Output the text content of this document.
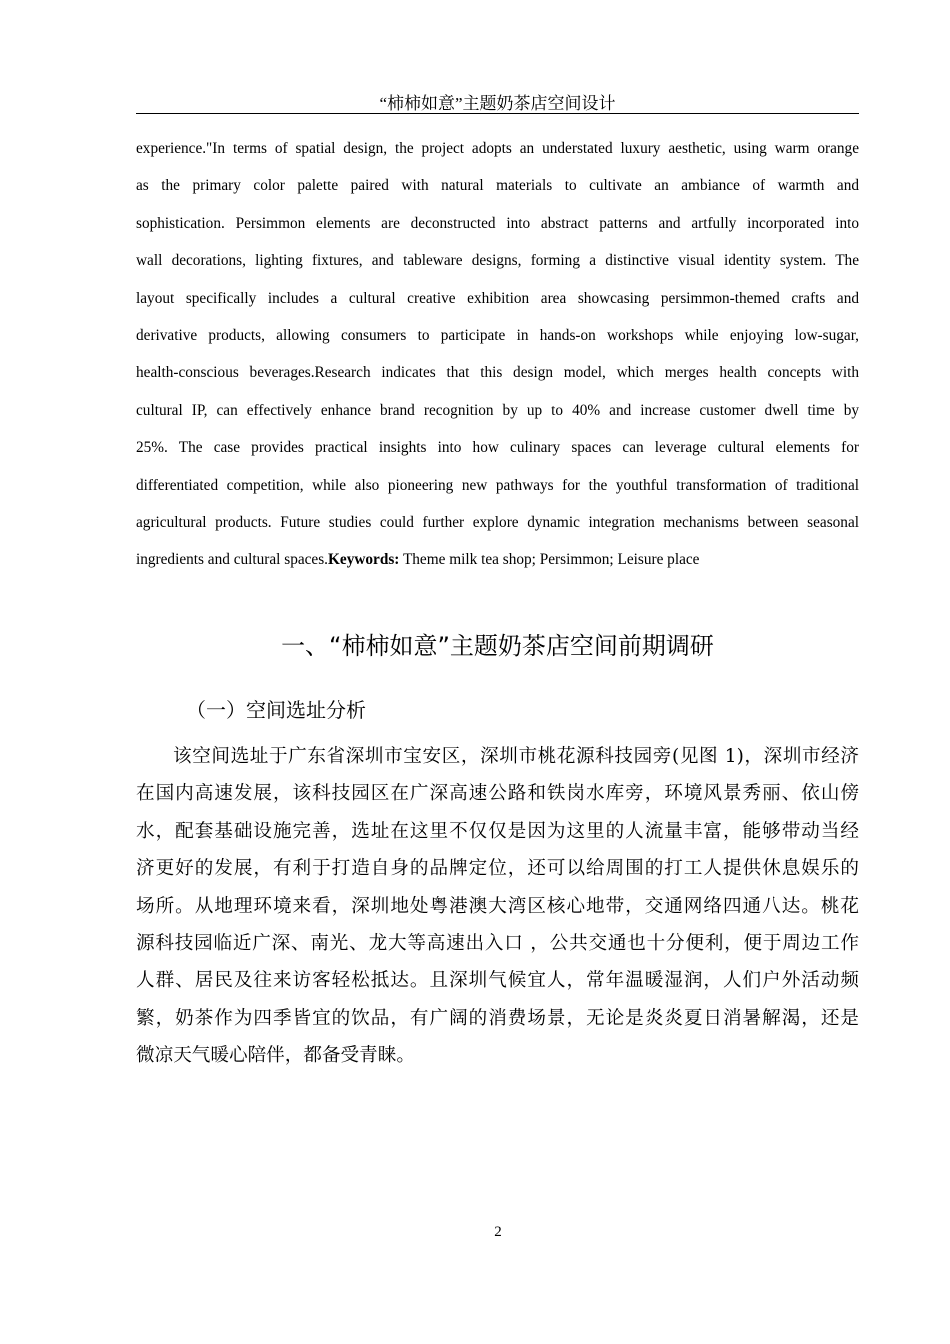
“柿柿如意”主题奶茶店空间设计
experience."In terms of spatial design, the project adopts an understated luxury aesthetic, using warm orange
as the primary color palette paired with natural materials to cultivate an ambiance of warmth and
sophistication. Persimmon elements are deconstructed into abstract patterns and artfully incorporated into
wall decorations, lighting fixtures, and tableware designs, forming a distinctive visual identity system. The
layout specifically includes a cultural creative exhibition area showcasing persimmon-themed crafts and
derivative products, allowing consumers to participate in hands-on workshops while enjoying low-sugar,
health-conscious beverages.Research indicates that this design model, which merges health concepts with
cultural IP, can effectively enhance brand recognition by up to 40% and increase customer dwell time by
25%. The case provides practical insights into how culinary spaces can leverage cultural elements for
differentiated competition, while also pioneering new pathways for the youthful transformation of traditional
agricultural products. Future studies could further explore dynamic integration mechanisms between seasonal
ingredients and cultural spaces.Keywords: Theme milk tea shop; Persimmon; Leisure place
一、“柿柿如意”主题奶茶店空间前期调研
（一）空间选址分析
该空间选址于广东省深圳市宝安区，深圳市桃花源科技园旁(见图 1)，深圳市经济
在国内高速发展，该科技园区在广深高速公路和铁岗水库旁，环境风景秀丽、依山傍
水，配套基础设施完善，选址在这里不仅仅是因为这里的人流量丰富，能够带动当经
济更好的发展，有利于打造自身的品牌定位，还可以给周围的打工人提供休息娱乐的
场所。从地理环境来看，深圳地处粤港澳大湾区核心地带，交通网络四通八达。桃花
源科技园临近广深、南光、龙大等高速出入口 ，公共交通也十分便利，便于周边工作
人群、居民及往来访客轻松抵达。且深圳气候宜人，常年温暖湿润，人们户外活动频
繁，奶茶作为四季皆宜的饮品，有广阔的消费场景，无论是炎炎夏日消暑解渴，还是
微凉天气暖心陪伴，都备受青睐。
2
